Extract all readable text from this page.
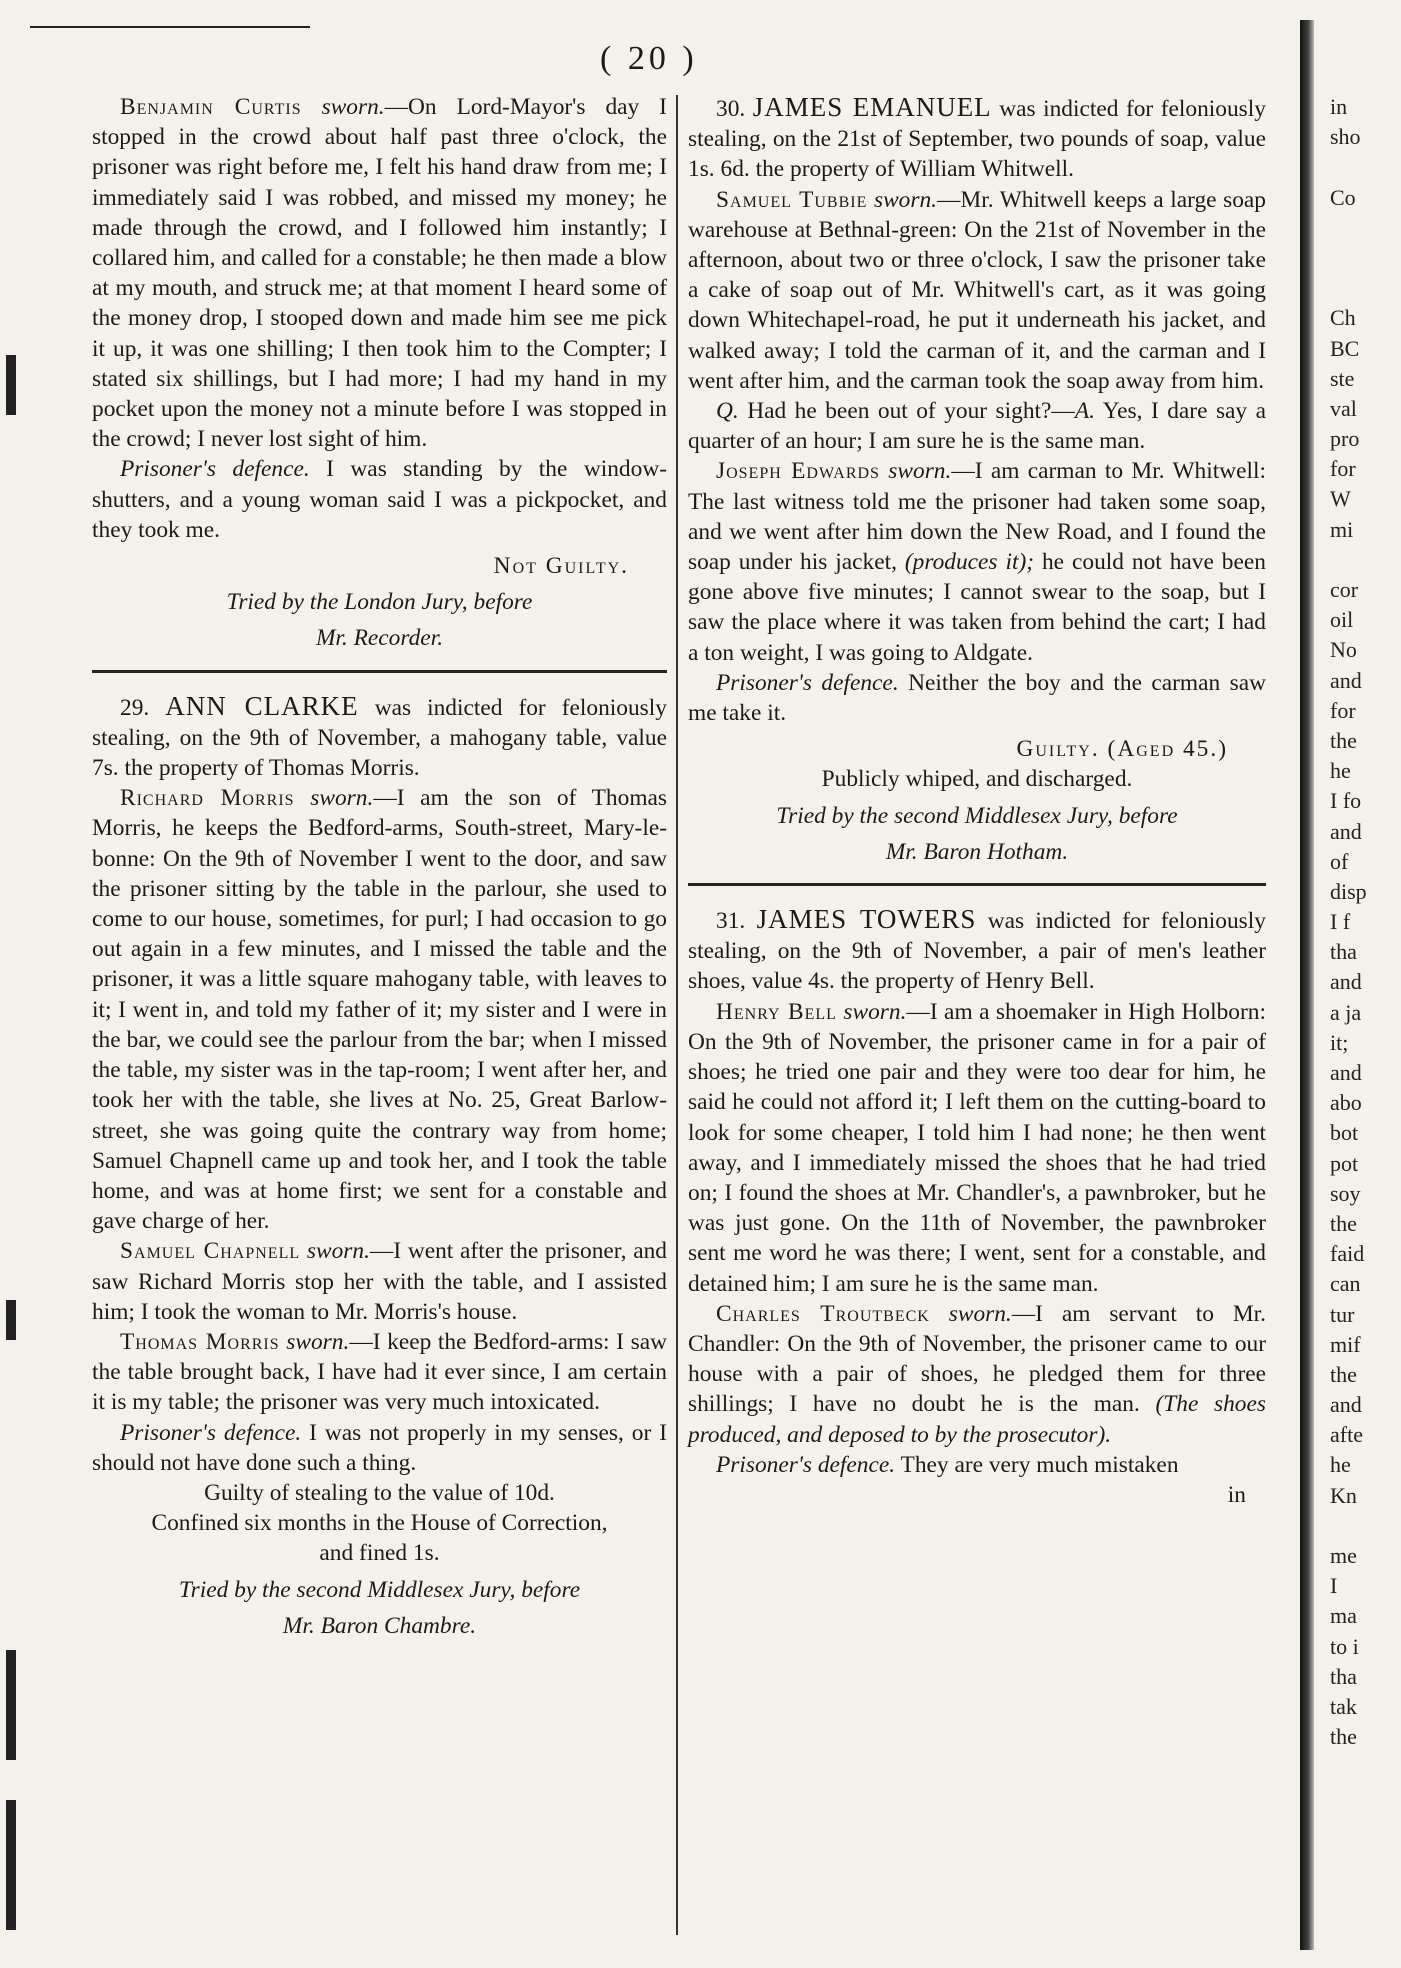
( 20 )

Benjamin Curtis sworn.—On Lord-Mayor's day I stopped in the crowd about half past three o'clock, the prisoner was right before me, I felt his hand draw from me; I immediately said I was robbed, and missed my money; he made through the crowd, and I followed him instantly; I collared him, and called for a constable; he then made a blow at my mouth, and struck me; at that moment I heard some of the money drop, I stooped down and made him see me pick it up, it was one shilling; I then took him to the Compter; I stated six shillings, but I had more; I had my hand in my pocket upon the money not a minute before I was stopped in the crowd; I never lost sight of him.

Prisoner's defence. I was standing by the window-shutters, and a young woman said I was a pickpocket, and they took me.

Not Guilty.
Tried by the London Jury, before
Mr. Recorder.

29. ANN CLARKE was indicted for feloniously stealing, on the 9th of November, a mahogany table, value 7s. the property of Thomas Morris.

Richard Morris sworn.—I am the son of Thomas Morris, he keeps the Bedford-arms, South-street, Mary-le-bonne: On the 9th of November I went to the door, and saw the prisoner sitting by the table in the parlour, she used to come to our house, sometimes, for purl; I had occasion to go out again in a few minutes, and I missed the table and the prisoner, it was a little square mahogany table, with leaves to it; I went in, and told my father of it; my sister and I were in the bar, we could see the parlour from the bar; when I missed the table, my sister was in the tap-room; I went after her, and took her with the table, she lives at No. 25, Great Barlow-street, she was going quite the contrary way from home; Samuel Chapnell came up and took her, and I took the table home, and was at home first; we sent for a constable and gave charge of her.

Samuel Chapnell sworn.—I went after the prisoner, and saw Richard Morris stop her with the table, and I assisted him; I took the woman to Mr. Morris's house.

Thomas Morris sworn.—I keep the Bedford-arms: I saw the table brought back, I have had it ever since, I am certain it is my table; the prisoner was very much intoxicated.

Prisoner's defence. I was not properly in my senses, or I should not have done such a thing.

Guilty of stealing to the value of 10d.
Confined six months in the House of Correction,
and fined 1s.
Tried by the second Middlesex Jury, before
Mr. Baron Chambre.

30. JAMES EMANUEL was indicted for feloniously stealing, on the 21st of September, two pounds of soap, value 1s. 6d. the property of William Whitwell.

Samuel Tubbie sworn.—Mr. Whitwell keeps a large soap warehouse at Bethnal-green: On the 21st of November in the afternoon, about two or three o'clock, I saw the prisoner take a cake of soap out of Mr. Whitwell's cart, as it was going down Whitechapel-road, he put it underneath his jacket, and walked away; I told the carman of it, and the carman and I went after him, and the carman took the soap away from him.

Q. Had he been out of your sight?—A. Yes, I dare say a quarter of an hour; I am sure he is the same man.

Joseph Edwards sworn.—I am carman to Mr. Whitwell: The last witness told me the prisoner had taken some soap, and we went after him down the New Road, and I found the soap under his jacket, (produces it); he could not have been gone above five minutes; I cannot swear to the soap, but I saw the place where it was taken from behind the cart; I had a ton weight, I was going to Aldgate.

Prisoner's defence. Neither the boy and the carman saw me take it.

Guilty. (Aged 45.)
Publicly whiped, and discharged.
Tried by the second Middlesex Jury, before
Mr. Baron Hotham.

31. JAMES TOWERS was indicted for feloniously stealing, on the 9th of November, a pair of men's leather shoes, value 4s. the property of Henry Bell.

Henry Bell sworn.—I am a shoemaker in High Holborn: On the 9th of November, the prisoner came in for a pair of shoes; he tried one pair and they were too dear for him, he said he could not afford it; I left them on the cutting-board to look for some cheaper, I told him I had none; he then went away, and I immediately missed the shoes that he had tried on; I found the shoes at Mr. Chandler's, a pawnbroker, but he was just gone. On the 11th of November, the pawnbroker sent me word he was there; I went, sent for a constable, and detained him; I am sure he is the same man.

Charles Troutbeck sworn.—I am servant to Mr. Chandler: On the 9th of November, the prisoner came to our house with a pair of shoes, he pledged them for three shillings; I have no doubt he is the man. (The shoes produced, and deposed to by the prosecutor).

Prisoner's defence. They are very much mistaken

in
in
sho
Co
Ch
BC
ste
val
pro
for
W
mi
cor
oil
No
and
for
the
he
I fo
and
of
disp
I f
tha
and
a ja
it;
and
abo
bot
pot
soy
the
faid
can
tur
mif
the
and
afte
he
Kn
me
I
ma
to i
tha
tak
the
